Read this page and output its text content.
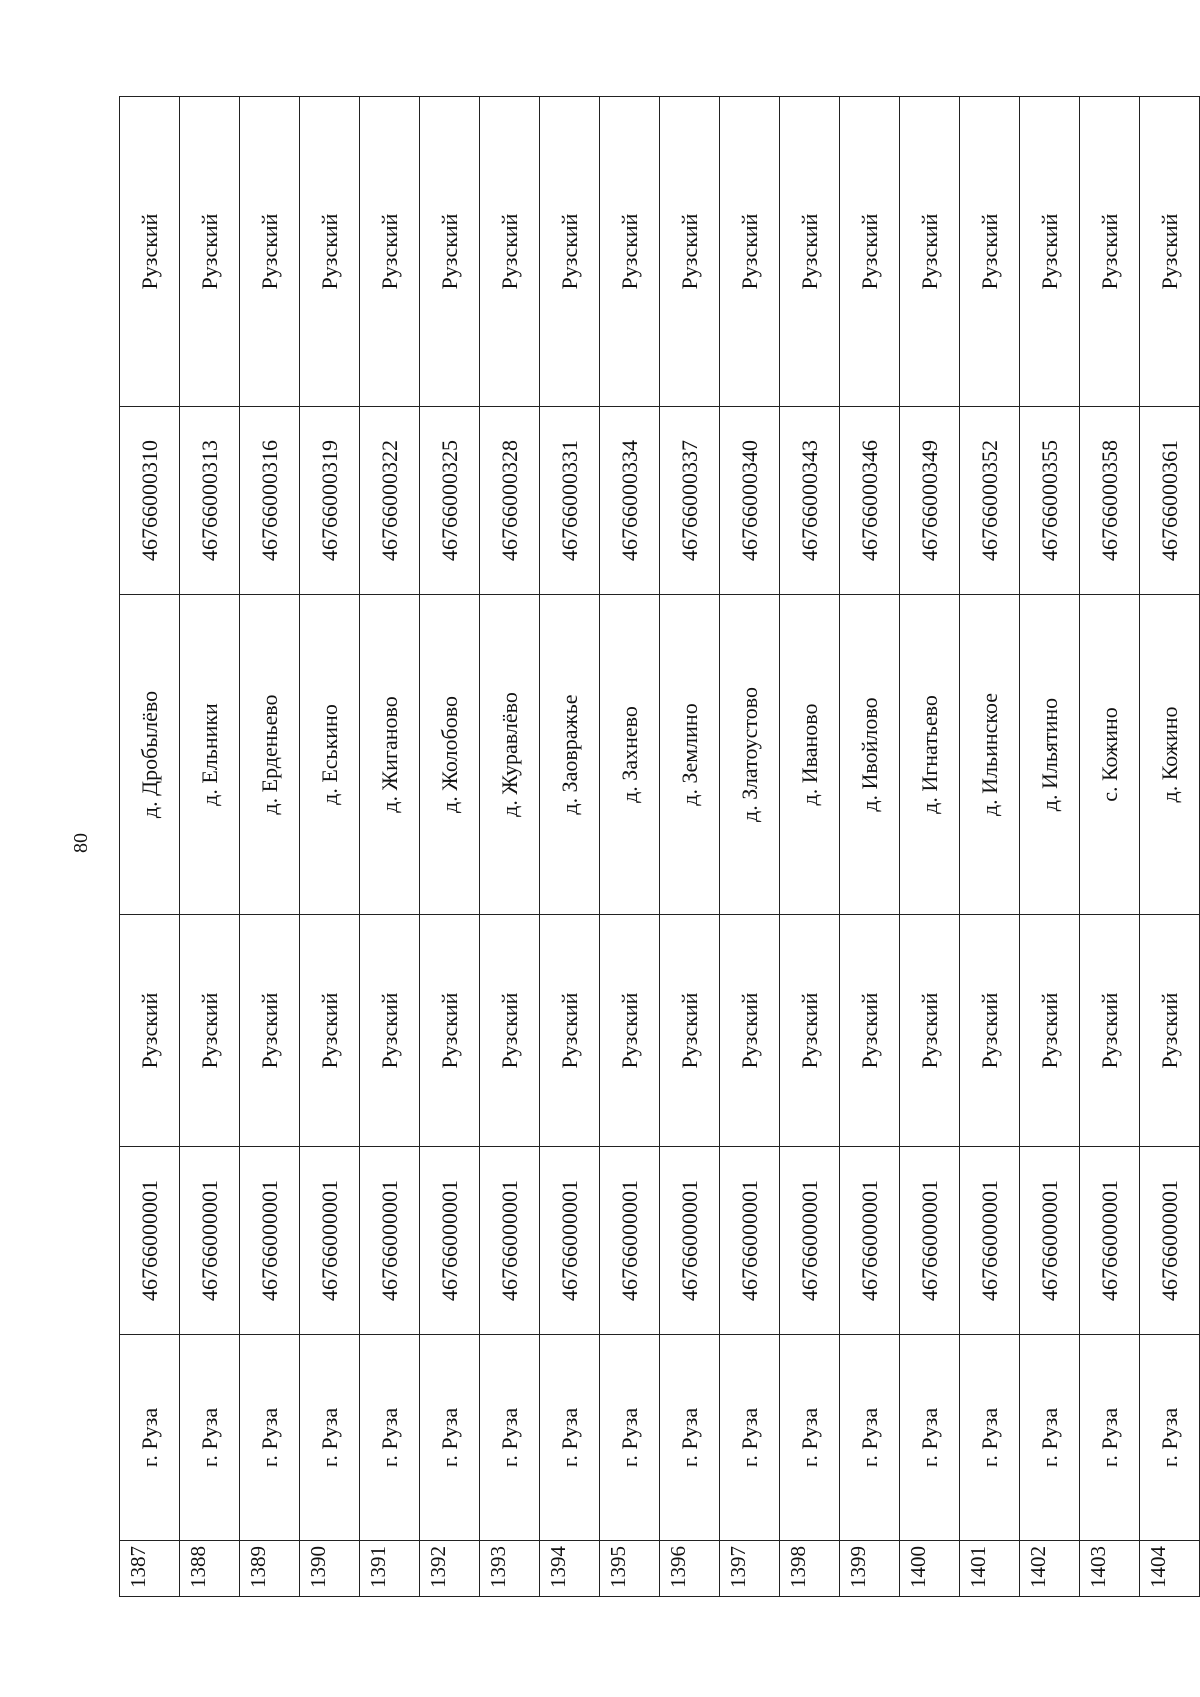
80
1387	г. Руза	46766000001	Рузский	д. Дробылёво	46766000310	Рузский
1388	г. Руза	46766000001	Рузский	д. Ельники	46766000313	Рузский
1389	г. Руза	46766000001	Рузский	д. Ерденьево	46766000316	Рузский
1390	г. Руза	46766000001	Рузский	д. Еськино	46766000319	Рузский
1391	г. Руза	46766000001	Рузский	д. Жиганово	46766000322	Рузский
1392	г. Руза	46766000001	Рузский	д. Жолобово	46766000325	Рузский
1393	г. Руза	46766000001	Рузский	д. Журавлёво	46766000328	Рузский
1394	г. Руза	46766000001	Рузский	д. Заовражье	46766000331	Рузский
1395	г. Руза	46766000001	Рузский	д. Захнево	46766000334	Рузский
1396	г. Руза	46766000001	Рузский	д. Землино	46766000337	Рузский
1397	г. Руза	46766000001	Рузский	д. Златоустово	46766000340	Рузский
1398	г. Руза	46766000001	Рузский	д. Иваново	46766000343	Рузский
1399	г. Руза	46766000001	Рузский	д. Ивойлово	46766000346	Рузский
1400	г. Руза	46766000001	Рузский	д. Игнатьево	46766000349	Рузский
1401	г. Руза	46766000001	Рузский	д. Ильинское	46766000352	Рузский
1402	г. Руза	46766000001	Рузский	д. Ильятино	46766000355	Рузский
1403	г. Руза	46766000001	Рузский	с. Кожино	46766000358	Рузский
1404	г. Руза	46766000001	Рузский	д. Кожино	46766000361	Рузский
